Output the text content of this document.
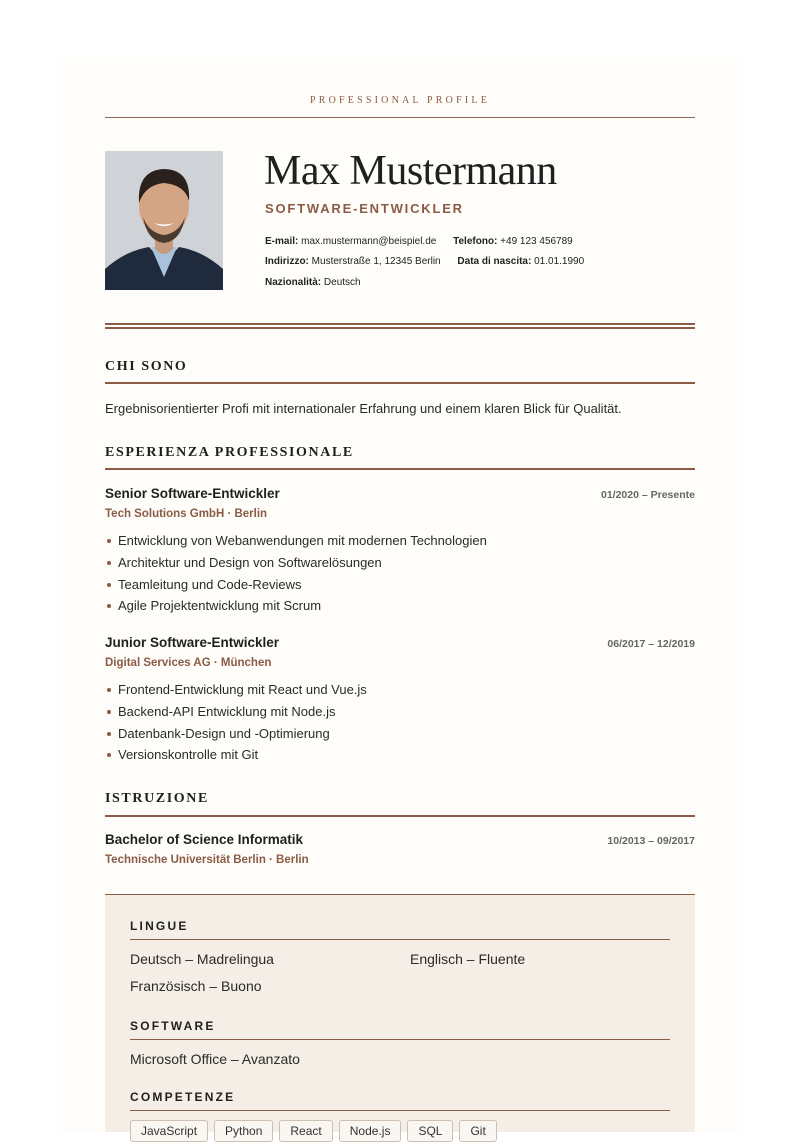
PROFESSIONAL PROFILE
Max Mustermann
SOFTWARE-ENTWICKLER
E-mail: max.mustermann@beispiel.de Telefono: +49 123 456789
Indirizzo: Musterstraße 1, 12345 Berlin Data di nascita: 01.01.1990
Nazionalità: Deutsch
CHI SONO
Ergebnisorientierter Profi mit internationaler Erfahrung und einem klaren Blick für Qualität.
ESPERIENZA PROFESSIONALE
Senior Software-Entwickler	01/2020 – Presente
Tech Solutions GmbH · Berlin
Entwicklung von Webanwendungen mit modernen Technologien
Architektur und Design von Softwarelösungen
Teamleitung und Code-Reviews
Agile Projektentwicklung mit Scrum
Junior Software-Entwickler	06/2017 – 12/2019
Digital Services AG · München
Frontend-Entwicklung mit React und Vue.js
Backend-API Entwicklung mit Node.js
Datenbank-Design und -Optimierung
Versionskontrolle mit Git
ISTRUZIONE
Bachelor of Science Informatik	10/2013 – 09/2017
Technische Universität Berlin · Berlin
LINGUE
Deutsch – Madrelingua	Englisch – Fluente
Französisch – Buono
SOFTWARE
Microsoft Office – Avanzato
COMPETENZE
JavaScript Python React Node.js SQL Git
